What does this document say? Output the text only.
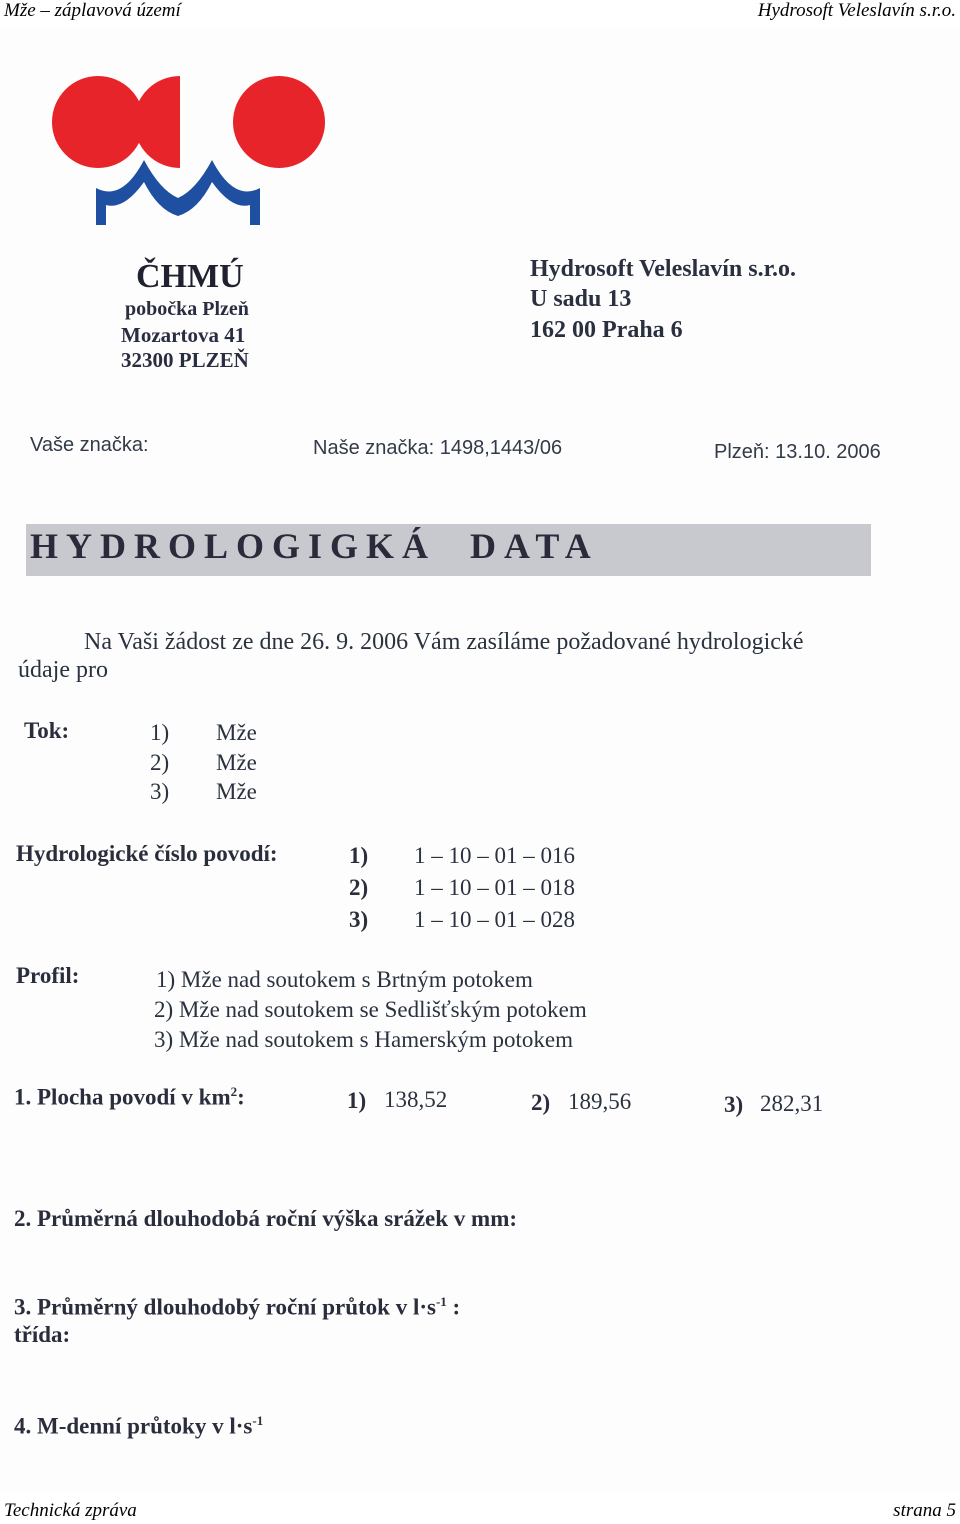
Mže – záplavová území	Hydrosoft Veleslavín s.r.o.
ČHMÚ
pobočka Plzeň
Mozartova 41
32300 PLZEŇ
Hydrosoft Veleslavín s.r.o.
U sadu 13
162 00 Praha 6
Vaše značka:	Naše značka: 1498,1443/06	Plzeň: 13.10. 2006
HYDROLOGIGKÁ  DATA
Na Vaši žádost ze dne 26. 9. 2006 Vám zasíláme požadované hydrologické
údaje pro
Tok:	1) Mže
2) Mže
3) Mže
Hydrologické číslo povodí:	1) 1 – 10 – 01 – 016
2) 1 – 10 – 01 – 018
3) 1 – 10 – 01 – 028
Profil:	1) Mže nad soutokem s Brtným potokem
2) Mže nad soutokem se Sedlišťským potokem
3) Mže nad soutokem s Hamerským potokem
1. Plocha povodí v $km^2$:	1) 138,52	2) 189,56	3) 282,31
2. Průměrná dlouhodobá roční výška srážek v mm:
3. Průměrný dlouhodobý roční průtok v $l\cdot s^{-1}$ :
třída:
4. M-denní průtoky v $l\cdot s^{-1}$
Technická zpráva	strana 5
